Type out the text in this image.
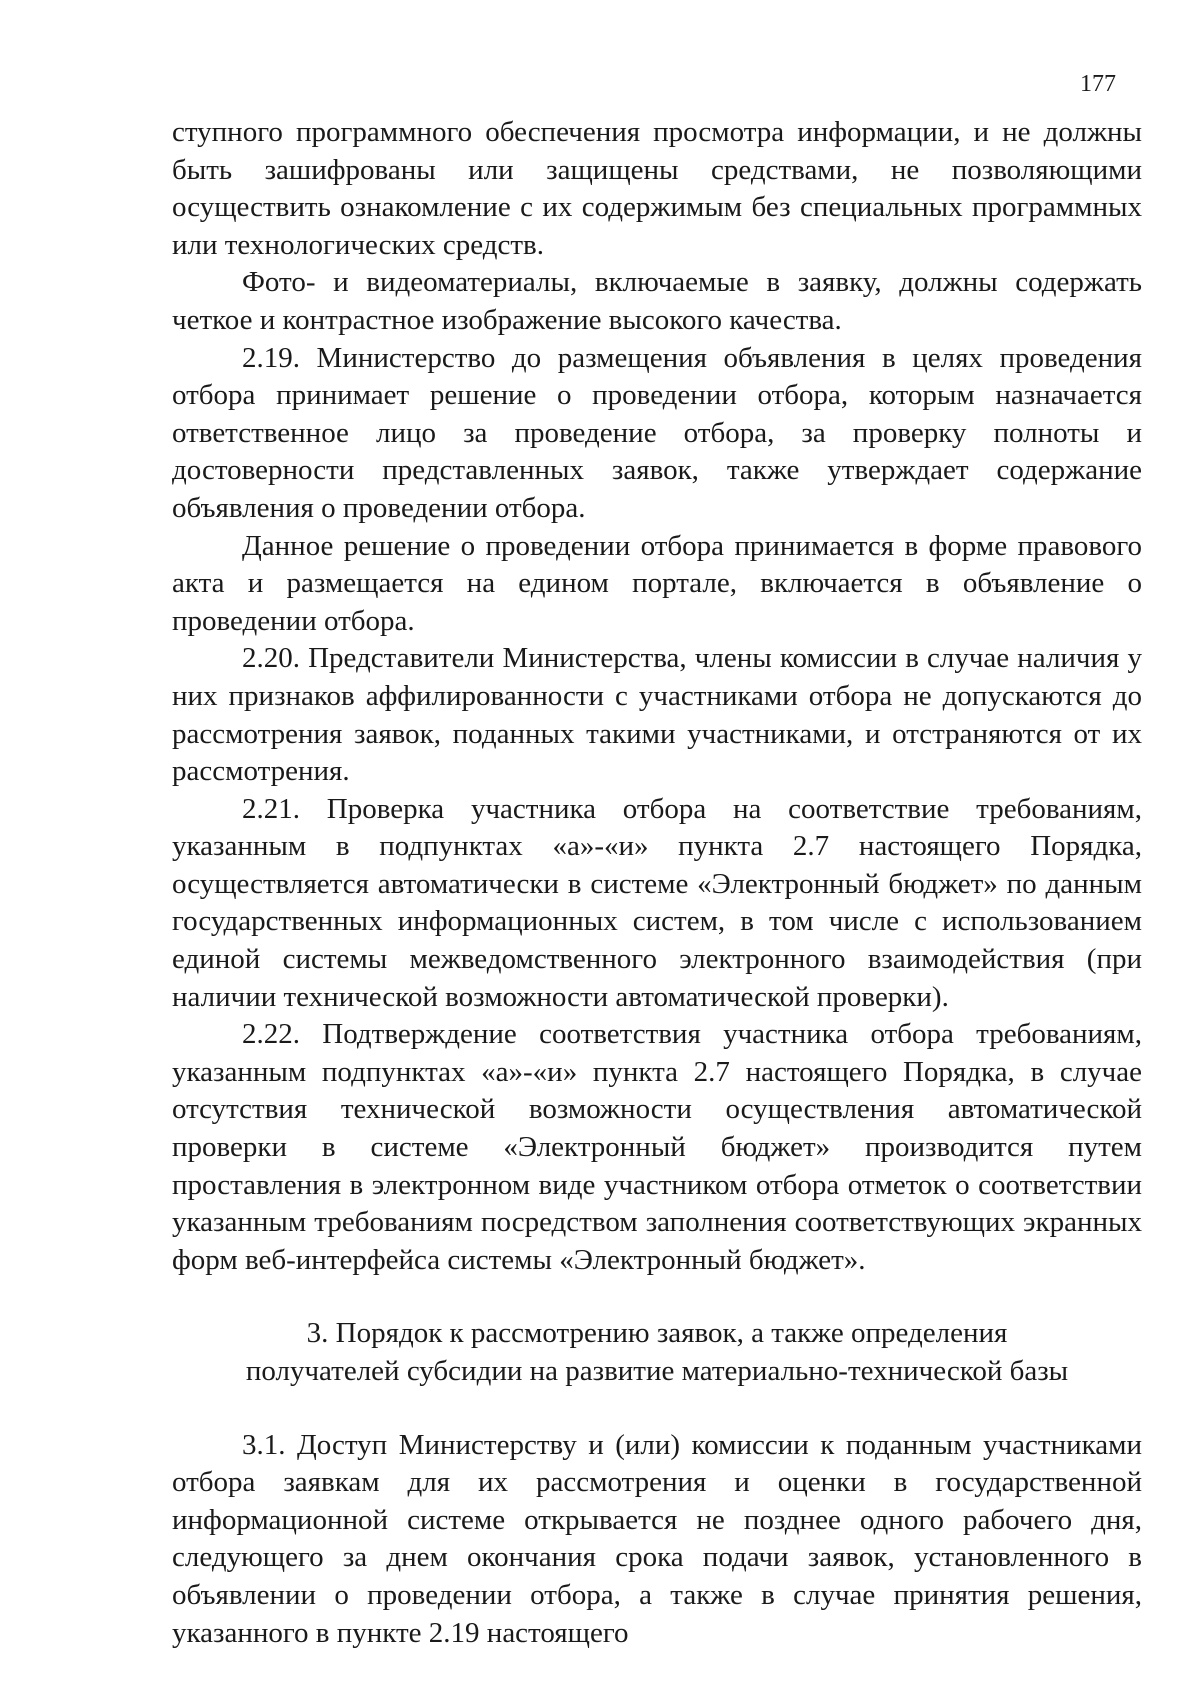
177

ступного программного обеспечения просмотра информации, и не должны быть зашифрованы или защищены средствами, не позволяющими осуществить ознакомление с их содержимым без специальных программных или технологических средств.

Фото- и видеоматериалы, включаемые в заявку, должны содержать четкое и контрастное изображение высокого качества.

2.19. Министерство до размещения объявления в целях проведения отбора принимает решение о проведении отбора, которым назначается ответственное лицо за проведение отбора, за проверку полноты и достоверности представленных заявок, также утверждает содержание объявления о проведении отбора.

Данное решение о проведении отбора принимается в форме правового акта и размещается на едином портале, включается в объявление о проведении отбора.

2.20. Представители Министерства, члены комиссии в случае наличия у них признаков аффилированности с участниками отбора не допускаются до рассмотрения заявок, поданных такими участниками, и отстраняются от их рассмотрения.

2.21. Проверка участника отбора на соответствие требованиям, указанным в подпунктах «а»-«и» пункта 2.7 настоящего Порядка, осуществляется автоматически в системе «Электронный бюджет» по данным государственных информационных систем, в том числе с использованием единой системы межведомственного электронного взаимодействия (при наличии технической возможности автоматической проверки).

2.22. Подтверждение соответствия участника отбора требованиям, указанным подпунктах «а»-«и» пункта 2.7 настоящего Порядка, в случае отсутствия технической возможности осуществления автоматической проверки в системе «Электронный бюджет» производится путем проставления в электронном виде участником отбора отметок о соответствии указанным требованиям посредством заполнения соответствующих экранных форм веб-интерфейса системы «Электронный бюджет».

3. Порядок к рассмотрению заявок, а также определения
получателей субсидии на развитие материально-технической базы

3.1. Доступ Министерству и (или) комиссии к поданным участниками отбора заявкам для их рассмотрения и оценки в государственной информационной системе открывается не позднее одного рабочего дня, следующего за днем окончания срока подачи заявок, установленного в объявлении о проведении отбора, а также в случае принятия решения, указанного в пункте 2.19 настоящего
